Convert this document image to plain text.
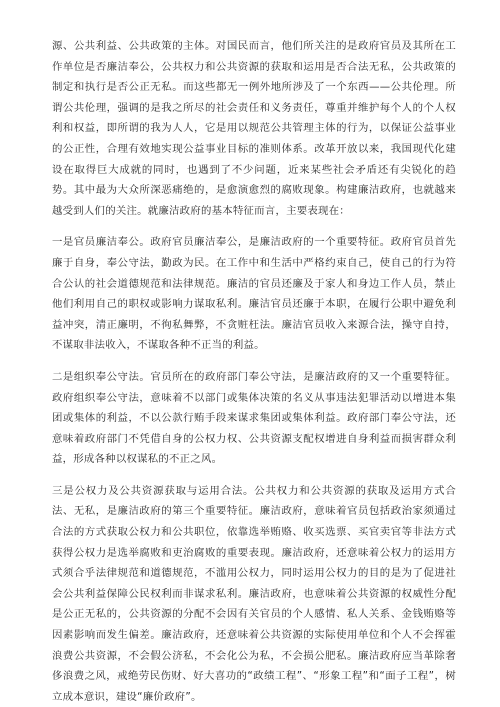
源、公共利益、公共政策的主体。对国民而言，他们所关注的是政府官员及其所在工作单位是否廉洁奉公，公共权力和公共资源的获取和运用是否合法无私，公共政策的制定和执行是否公正无私。而这些都无一例外地所涉及了一个东西——公共伦理。所谓公共伦理，强调的是我之所尽的社会责任和义务责任，尊重并维护每个人的个人权利和权益，即所谓的我为人人，它是用以规范公共管理主体的行为，以保证公益事业的公正性，合理有效地实现公益事业目标的准则体系。改革开放以来，我国现代化建设在取得巨大成就的同时，也遇到了不少问题，近来某些社会矛盾还有尖锐化的趋势。其中最为大众所深恶痛绝的，是愈演愈烈的腐败现象。构建廉洁政府，也就越来越受到人们的关注。就廉洁政府的基本特征而言，主要表现在：

一是官员廉洁奉公。政府官员廉洁奉公，是廉洁政府的一个重要特征。政府官员首先廉于自身，奉公守法，勤政为民。在工作中和生活中严格约束自己，使自己的行为符合公认的社会道德规范和法律规范。廉洁的官员还廉及于家人和身边工作人员，禁止他们利用自己的职权或影响力谋取私利。廉洁官员还廉于本职，在履行公职中避免利益冲突，清正廉明，不徇私舞弊，不贪赃枉法。廉洁官员收入来源合法，操守自持，不谋取非法收入，不谋取各种不正当的利益。

二是组织奉公守法。官员所在的政府部门奉公守法，是廉洁政府的又一个重要特征。政府组织奉公守法，意味着不以部门或集体决策的名义从事违法犯罪活动以增进本集团或集体的利益，不以公款行贿手段来谋求集团或集体利益。政府部门奉公守法，还意味着政府部门不凭借自身的公权力权、公共资源支配权增进自身利益而损害群众利益，形成各种以权谋私的不正之风。

三是公权力及公共资源获取与运用合法。公共权力和公共资源的获取及运用方式合法、无私，是廉洁政府的第三个重要特征。廉洁政府，意味着官员包括政治家须通过合法的方式获取公权力和公共职位，依靠选举贿赂、收买选票、买官卖官等非法方式获得公权力是选举腐败和吏治腐败的重要表现。廉洁政府，还意味着公权力的运用方式须合乎法律规范和道德规范，不滥用公权力，同时运用公权力的目的是为了促进社会公共利益保障公民权利而非谋求私利。廉洁政府，也意味着公共资源的权威性分配是公正无私的，公共资源的分配不会因有关官员的个人感情、私人关系、金钱贿赂等因素影响而发生偏差。廉洁政府，还意味着公共资源的实际使用单位和个人不会挥霍浪费公共资源，不会假公济私，不会化公为私，不会损公肥私。廉洁政府应当革除奢侈浪费之风，戒绝劳民伤财、好大喜功的“政绩工程”、“形象工程”和“面子工程”，树立成本意识，建设“廉价政府”。
